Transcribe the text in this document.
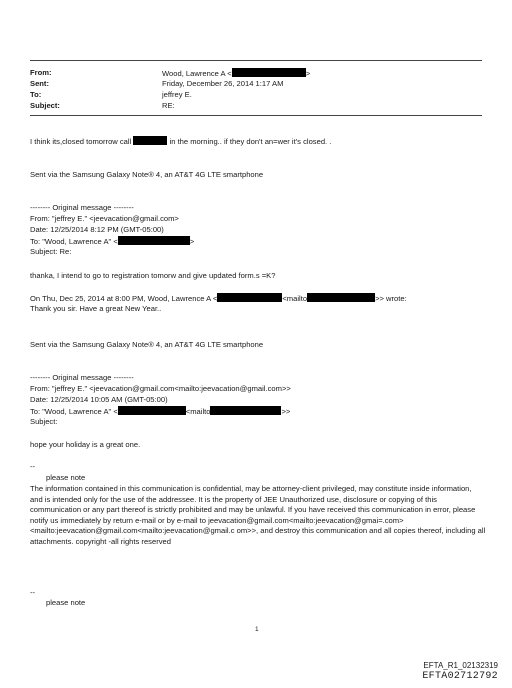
From:	Wood, Lawrence A <	>
Sent:	Friday, December 26, 2014 1:17 AM
To:	jeffrey E.
Subject:	RE:
I think its,closed tomorrow call	in the morning.. if they don't an=wer it's closed. .
Sent via the Samsung Galaxy Note® 4, an AT&T 4G LTE smartphone
-------- Original message --------
From: "jeffrey E." <jeevacation@gmail.com>
Date: 12/25/2014 8:12 PM (GMT-05:00)
To: "Wood, Lawrence A" <	>
Subject: Re:
thanka, I intend to go to registration tomorw and give updated form.s =K?
On Thu, Dec 25, 2014 at 8:00 PM, Wood, Lawrence A <	<mailto	>> wrote:
Thank you sir. Have a great New Year..
Sent via the Samsung Galaxy Note® 4, an AT&T 4G LTE smartphone
-------- Original message --------
From: "jeffrey E." <jeevacation@gmail.com<mailto:jeevacation@gmail.com>>
Date: 12/25/2014 10:05 AM (GMT-05:00)
To: "Wood, Lawrence A" <	<mailto	>>
Subject:
hope your holiday is a great one.
--
please note
The information contained in this communication is confidential, may be attorney-client privileged, may constitute inside information, and is intended only for the use of the addressee. It is the property of JEE Unauthorized use, disclosure or copying of this communication or any part thereof is strictly prohibited and may be unlawful. If you have received this communication in error, please notify us immediately by return e-mail or by e-mail to jeevacation@gmail.com<mailto:jeevacation@gmai=.com><mailto:jeevacation@gmail.com<mailto:jeevacation@gmail.c om>>, and destroy this communication and all copies thereof, including all attachments. copyright -all rights reserved
--
please note
1
EFTA_R1_02132319
EFTA02712792
